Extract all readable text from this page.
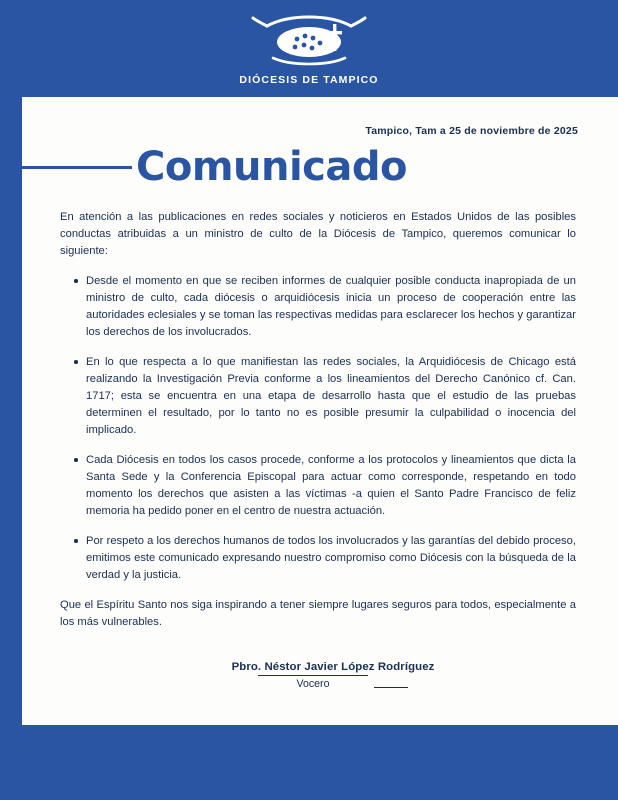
DIÓCESIS DE TAMPICO
Tampico, Tam a 25 de noviembre de 2025
Comunicado

En atención a las publicaciones en redes sociales y noticieros en Estados Unidos de las posibles conductas atribuidas a un ministro de culto de la Diócesis de Tampico, queremos comunicar lo siguiente:

Desde el momento en que se reciben informes de cualquier posible conducta inapropiada de un ministro de culto, cada diócesis o arquidiócesis inicia un proceso de cooperación entre las autoridades eclesiales y se toman las respectivas medidas para esclarecer los hechos y garantizar los derechos de los involucrados.
En lo que respecta a lo que manifiestan las redes sociales, la Arquidiócesis de Chicago está realizando la Investigación Previa conforme a los lineamientos del Derecho Canónico cf. Can. 1717; esta se encuentra en una etapa de desarrollo hasta que el estudio de las pruebas determinen el resultado, por lo tanto no es posible presumir la culpabilidad o inocencia del implicado.
Cada Diócesis en todos los casos procede, conforme a los protocolos y lineamientos que dicta la Santa Sede y la Conferencia Episcopal para actuar como corresponde, respetando en todo momento los derechos que asisten a las víctimas -a quien el Santo Padre Francisco de feliz memoria ha pedido poner en el centro de nuestra actuación.
Por respeto a los derechos humanos de todos los involucrados y las garantías del debido proceso, emitimos este comunicado expresando nuestro compromiso como Diócesis con la búsqueda de la verdad y la justicia.

Que el Espíritu Santo nos siga inspirando a tener siempre lugares seguros para todos, especialmente a los más vulnerables.

Pbro. Néstor Javier López Rodríguez
Vocero
